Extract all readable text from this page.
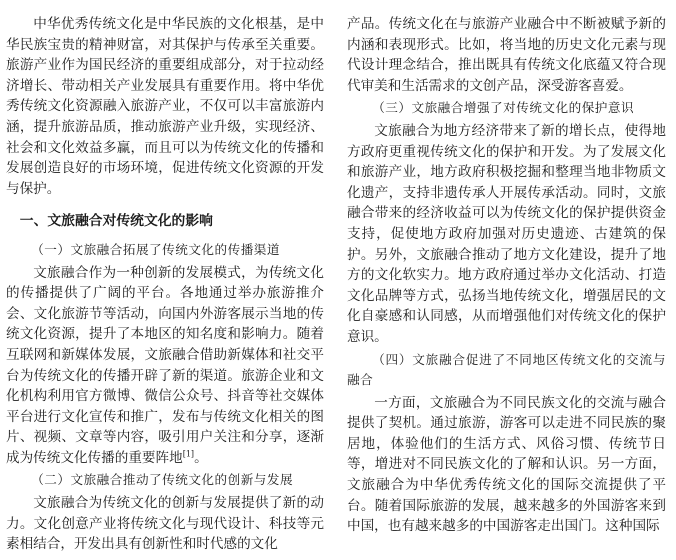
中华优秀传统文化是中华民族的文化根基，是中华民族宝贵的精神财富，对其保护与传承至关重要。旅游产业作为国民经济的重要组成部分，对于拉动经济增长、带动相关产业发展具有重要作用。将中华优秀传统文化资源融入旅游产业，不仅可以丰富旅游内涵，提升旅游品质，推动旅游产业升级，实现经济、社会和文化效益多赢，而且可以为传统文化的传播和发展创造良好的市场环境，促进传统文化资源的开发与保护。

一、文旅融合对传统文化的影响
（一）文旅融合拓展了传统文化的传播渠道

文旅融合作为一种创新的发展模式，为传统文化的传播提供了广阔的平台。各地通过举办旅游推介会、文化旅游节等活动，向国内外游客展示当地的传统文化资源，提升了本地区的知名度和影响力。随着互联网和新媒体发展，文旅融合借助新媒体和社交平台为传统文化的传播开辟了新的渠道。旅游企业和文化机构利用官方微博、微信公众号、抖音等社交媒体平台进行文化宣传和推广，发布与传统文化相关的图片、视频、文章等内容，吸引用户关注和分享，逐渐成为传统文化传播的重要阵地[1]。

（二）文旅融合推动了传统文化的创新与发展

文旅融合为传统文化的创新与发展提供了新的动力。文化创意产业将传统文化与现代设计、科技等元素相结合，开发出具有创新性和时代感的文化

产品。传统文化在与旅游产业融合中不断被赋予新的内涵和表现形式。比如，将当地的历史文化元素与现代设计理念结合，推出既具有传统文化底蕴又符合现代审美和生活需求的文创产品，深受游客喜爱。

（三）文旅融合增强了对传统文化的保护意识

文旅融合为地方经济带来了新的增长点，使得地方政府更重视传统文化的保护和开发。为了发展文化和旅游产业，地方政府积极挖掘和整理当地非物质文化遗产，支持非遗传承人开展传承活动。同时，文旅融合带来的经济收益可以为传统文化的保护提供资金支持，促使地方政府加强对历史遗迹、古建筑的保护。另外，文旅融合推动了地方文化建设，提升了地方的文化软实力。地方政府通过举办文化活动、打造文化品牌等方式，弘扬当地传统文化，增强居民的文化自豪感和认同感，从而增强他们对传统文化的保护意识。

（四）文旅融合促进了不同地区传统文化的交流与融合

一方面，文旅融合为不同民族文化的交流与融合提供了契机。通过旅游，游客可以走进不同民族的聚居地，体验他们的生活方式、风俗习惯、传统节日等，增进对不同民族文化的了解和认识。另一方面，文旅融合为中华优秀传统文化的国际交流提供了平台。随着国际旅游的发展，越来越多的外国游客来到中国，也有越来越多的中国游客走出国门。这种国际
